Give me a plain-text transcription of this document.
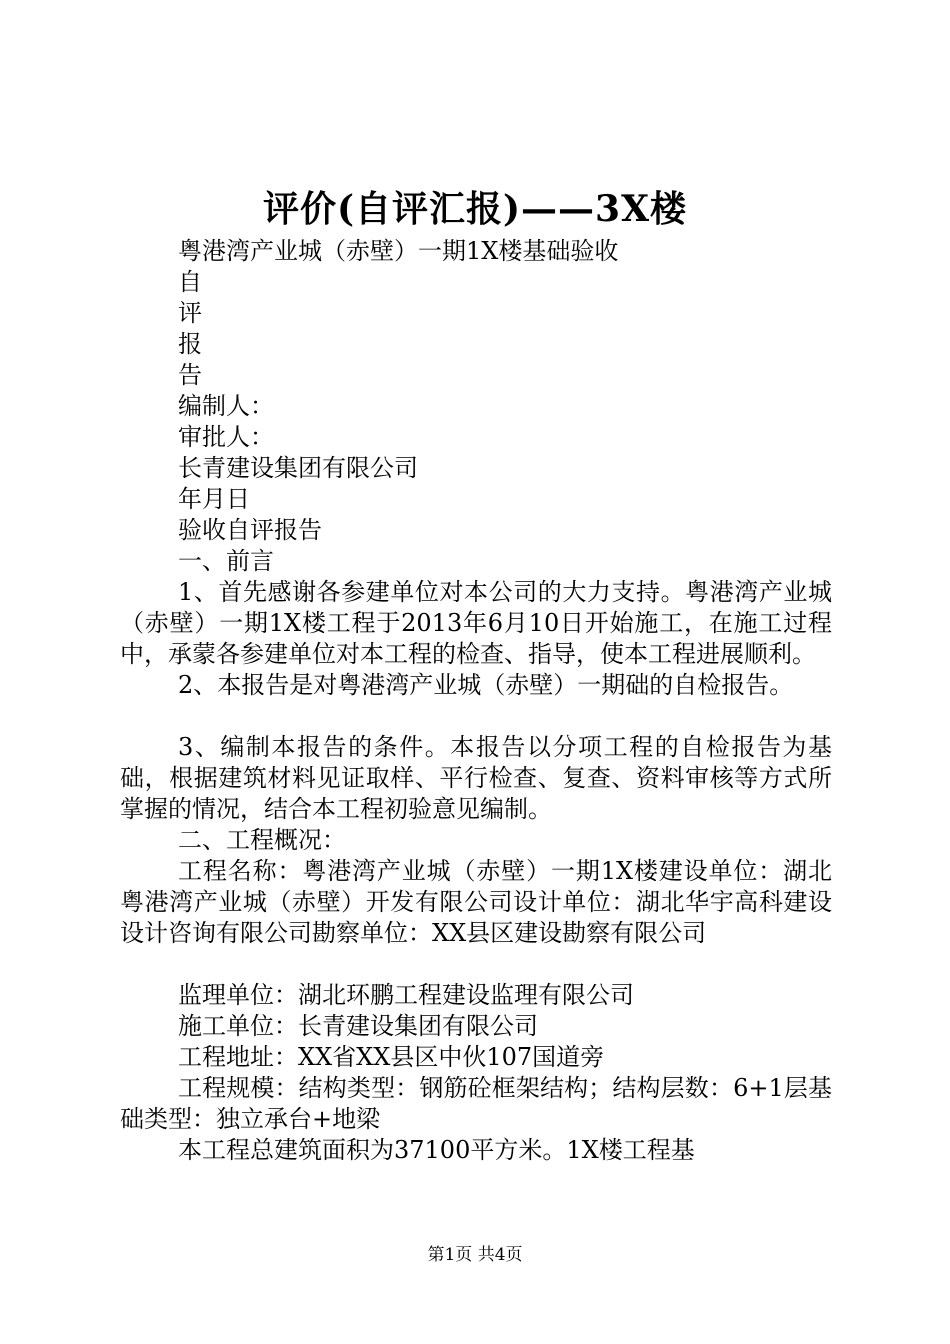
评价(自评汇报)——3X楼
粤港湾产业城（赤壁）一期1X楼基础验收
自
评
报
告
编制人：
审批人：
长青建设集团有限公司
年月日
验收自评报告
一、前言
1、首先感谢各参建单位对本公司的大力支持。粤港湾产业城（赤壁）一期1X楼工程于2013年6月10日开始施工，在施工过程中，承蒙各参建单位对本工程的检查、指导，使本工程进展顺利。
2、本报告是对粤港湾产业城（赤壁）一期础的自检报告。
3、编制本报告的条件。本报告以分项工程的自检报告为基础，根据建筑材料见证取样、平行检查、复查、资料审核等方式所掌握的情况，结合本工程初验意见编制。
二、工程概况：
工程名称：粤港湾产业城（赤壁）一期1X楼建设单位：湖北粤港湾产业城（赤壁）开发有限公司设计单位：湖北华宇高科建设设计咨询有限公司勘察单位：XX县区建设勘察有限公司
监理单位：湖北环鹏工程建设监理有限公司
施工单位：长青建设集团有限公司
工程地址：XX省XX县区中伙107国道旁
工程规模：结构类型：钢筋砼框架结构；结构层数：6+1层基础类型：独立承台+地梁
本工程总建筑面积为37100平方米。1X楼工程基
第1页 共4页
